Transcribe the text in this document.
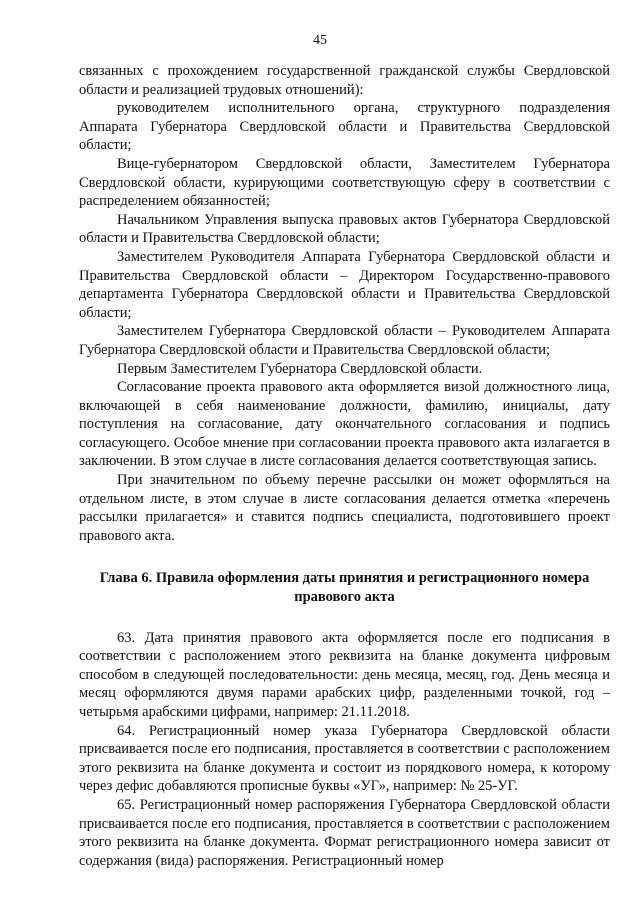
45

связанных с прохождением государственной гражданской службы Свердловской области и реализацией трудовых отношений):

руководителем исполнительного органа, структурного подразделения Аппарата Губернатора Свердловской области и Правительства Свердловской области;

Вице-губернатором Свердловской области, Заместителем Губернатора Свердловской области, курирующими соответствующую сферу в соответствии с распределением обязанностей;

Начальником Управления выпуска правовых актов Губернатора Свердловской области и Правительства Свердловской области;

Заместителем Руководителя Аппарата Губернатора Свердловской области и Правительства Свердловской области – Директором Государственно-правового департамента Губернатора Свердловской области и Правительства Свердловской области;

Заместителем Губернатора Свердловской области – Руководителем Аппарата Губернатора Свердловской области и Правительства Свердловской области;

Первым Заместителем Губернатора Свердловской области.

Согласование проекта правового акта оформляется визой должностного лица, включающей в себя наименование должности, фамилию, инициалы, дату поступления на согласование, дату окончательного согласования и подпись согласующего. Особое мнение при согласовании проекта правового акта излагается в заключении. В этом случае в листе согласования делается соответствующая запись.

При значительном по объему перечне рассылки он может оформляться на отдельном листе, в этом случае в листе согласования делается отметка «перечень рассылки прилагается» и ставится подпись специалиста, подготовившего проект правового акта.

Глава 6. Правила оформления даты принятия и регистрационного номера
правового акта

63. Дата принятия правового акта оформляется после его подписания в соответствии с расположением этого реквизита на бланке документа цифровым способом в следующей последовательности: день месяца, месяц, год. День месяца и месяц оформляются двумя парами арабских цифр, разделенными точкой, год – четырьмя арабскими цифрами, например: 21.11.2018.

64. Регистрационный номер указа Губернатора Свердловской области присваивается после его подписания, проставляется в соответствии с расположением этого реквизита на бланке документа и состоит из порядкового номера, к которому через дефис добавляются прописные буквы «УГ», например: № 25-УГ.

65. Регистрационный номер распоряжения Губернатора Свердловской области присваивается после его подписания, проставляется в соответствии с расположением этого реквизита на бланке документа. Формат регистрационного номера зависит от содержания (вида) распоряжения. Регистрационный номер
